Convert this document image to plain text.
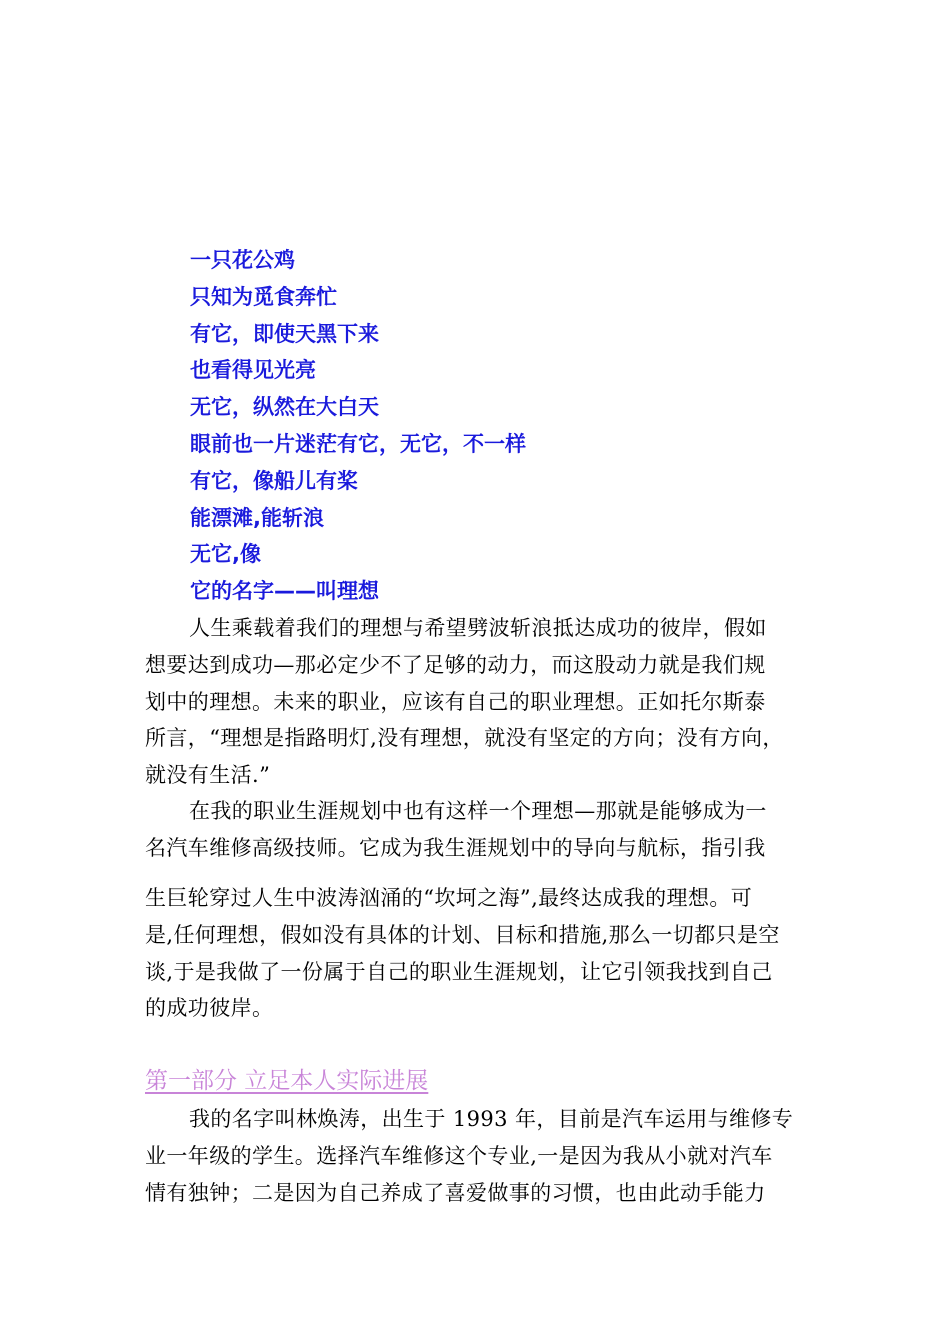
一只花公鸡
只知为觅食奔忙
有它，即使天黑下来
也看得见光亮
无它，纵然在大白天
眼前也一片迷茫有它，无它，不一样
有它，像船儿有桨
能漂滩,能斩浪
无它,像
它的名字——叫理想
人生乘载着我们的理想与希望劈波斩浪抵达成功的彼岸，假如
想要达到成功—那必定少不了足够的动力，而这股动力就是我们规
划中的理想。未来的职业，应该有自己的职业理想。正如托尔斯泰
所言，“理想是指路明灯,没有理想，就没有坚定的方向；没有方向，
就没有生活.”
在我的职业生涯规划中也有这样一个理想—那就是能够成为一
名汽车维修高级技师。它成为我生涯规划中的导向与航标，指引我
生巨轮穿过人生中波涛汹涌的“坎坷之海”,最终达成我的理想。可
是,任何理想，假如没有具体的计划、目标和措施,那么一切都只是空
谈,于是我做了一份属于自己的职业生涯规划，让它引领我找到自己
的成功彼岸。
第一部分 立足本人实际进展
我的名字叫林焕涛，出生于 1993 年，目前是汽车运用与维修专
业一年级的学生。选择汽车维修这个专业,一是因为我从小就对汽车
情有独钟；二是因为自己养成了喜爱做事的习惯，也由此动手能力
